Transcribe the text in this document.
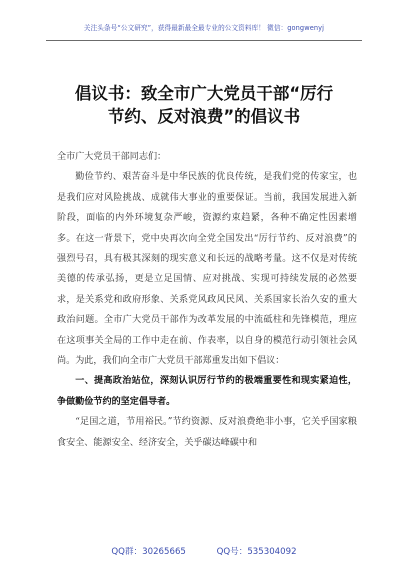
关注头条号“公文研究”，获得最新最全最专业的公文资料库！ 微信：gongwenyj
倡议书：致全市广大党员干部“厉行
节约、反对浪费”的倡议书

全市广大党员干部同志们：

勤俭节约、艰苦奋斗是中华民族的优良传统，是我们党的传家宝，也是我们应对风险挑战、成就伟大事业的重要保证。当前，我国发展进入新阶段，面临的内外环境复杂严峻，资源约束趋紧，各种不确定性因素增多。在这一背景下，党中央再次向全党全国发出“厉行节约、反对浪费”的强烈号召，具有极其深刻的现实意义和长远的战略考量。这不仅是对传统美德的传承弘扬，更是立足国情、应对挑战、实现可持续发展的必然要求，是关系党和政府形象、关系党风政风民风、关系国家长治久安的重大政治问题。全市广大党员干部作为改革发展的中流砥柱和先锋模范，理应在这项事关全局的工作中走在前、作表率，以自身的模范行动引领社会风尚。为此，我们向全市广大党员干部郑重发出如下倡议：

一、提高政治站位，深刻认识厉行节约的极端重要性和现实紧迫性，争做勤俭节约的坚定倡导者。

“足国之道，节用裕民。”节约资源、反对浪费绝非小事，它关乎国家粮食安全、能源安全、经济安全，关乎碳达峰碳中和

QQ群：30265665	QQ号：535304092
